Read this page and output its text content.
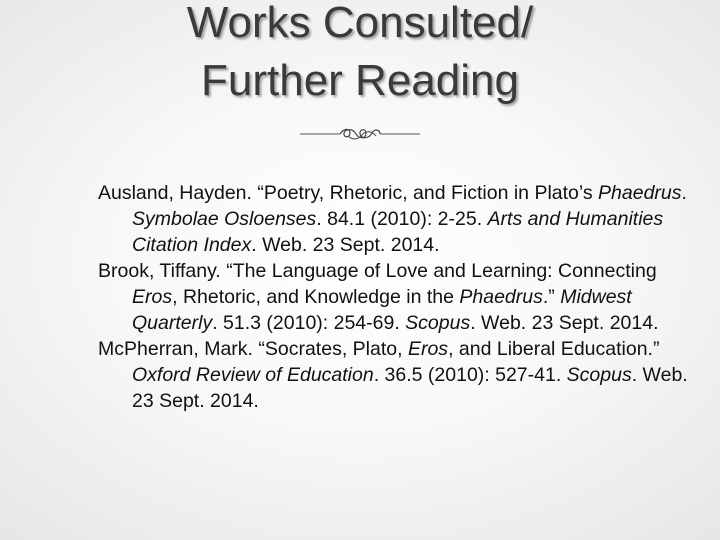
Works Consulted/
Further Reading

Ausland, Hayden. “Poetry, Rhetoric, and Fiction in Plato’s Phaedrus. Symbolae Osloenses. 84.1 (2010): 2-25. Arts and Humanities Citation Index. Web. 23 Sept. 2014.

Brook, Tiffany. “The Language of Love and Learning: Connecting Eros, Rhetoric, and Knowledge in the Phaedrus.” Midwest Quarterly. 51.3 (2010): 254-69. Scopus. Web. 23 Sept. 2014.

McPherran, Mark. “Socrates, Plato, Eros, and Liberal Education.” Oxford Review of Education. 36.5 (2010): 527-41. Scopus. Web. 23 Sept. 2014.
